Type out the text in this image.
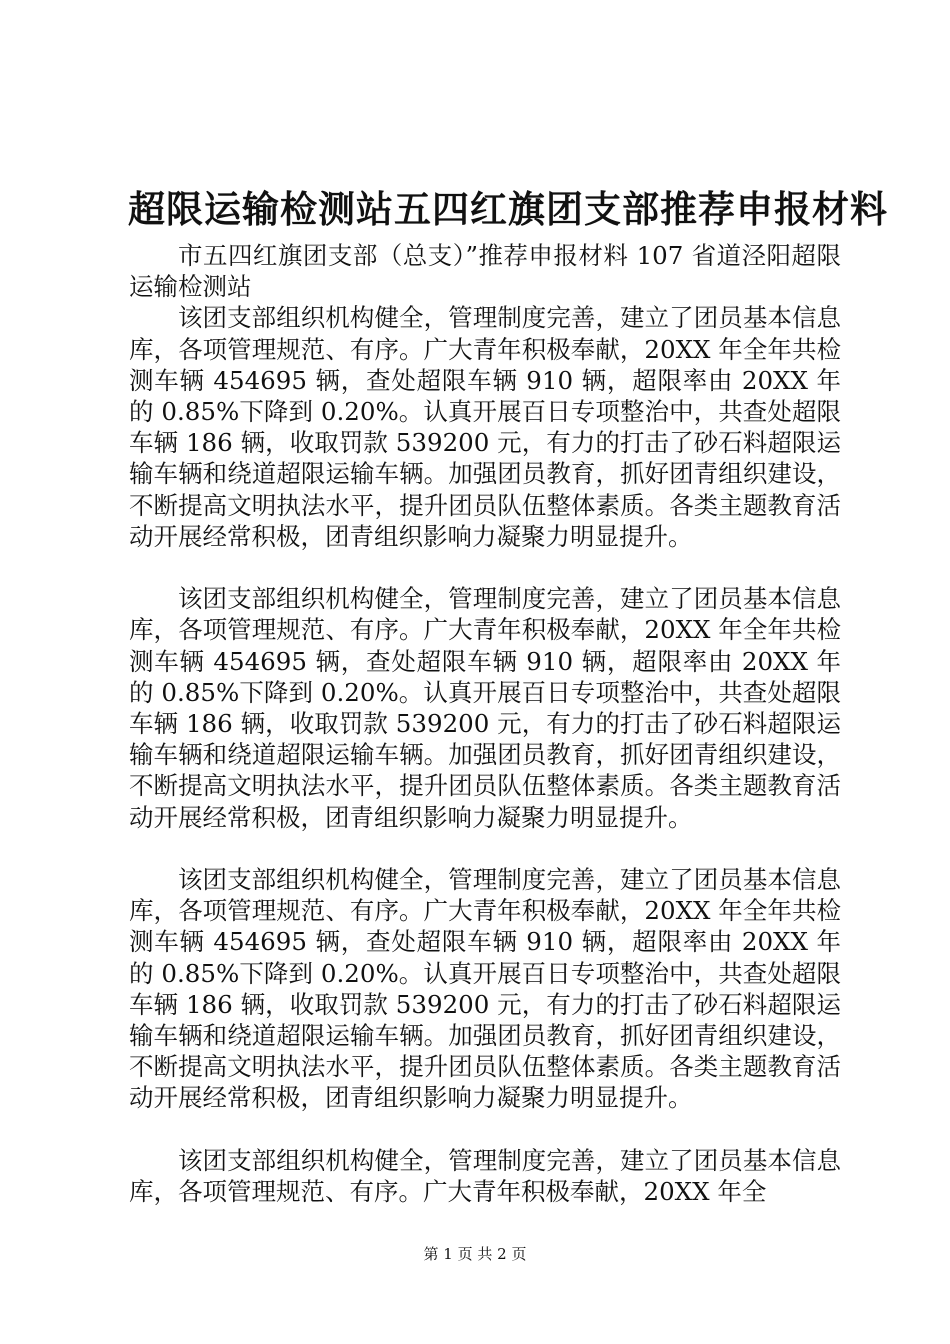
超限运输检测站五四红旗团支部推荐申报材料

市五四红旗团支部（总支）”推荐申报材料 107 省道泾阳超限运输检测站

该团支部组织机构健全，管理制度完善，建立了团员基本信息库，各项管理规范、有序。广大青年积极奉献，20XX 年全年共检测车辆 454695 辆，查处超限车辆 910 辆，超限率由 20XX 年的 0.85%下降到 0.20%。认真开展百日专项整治中，共查处超限车辆 186 辆，收取罚款 539200 元，有力的打击了砂石料超限运输车辆和绕道超限运输车辆。加强团员教育，抓好团青组织建设，不断提高文明执法水平，提升团员队伍整体素质。各类主题教育活动开展经常积极，团青组织影响力凝聚力明显提升。

该团支部组织机构健全，管理制度完善，建立了团员基本信息库，各项管理规范、有序。广大青年积极奉献，20XX 年全年共检测车辆 454695 辆，查处超限车辆 910 辆，超限率由 20XX 年的 0.85%下降到 0.20%。认真开展百日专项整治中，共查处超限车辆 186 辆，收取罚款 539200 元，有力的打击了砂石料超限运输车辆和绕道超限运输车辆。加强团员教育，抓好团青组织建设，不断提高文明执法水平，提升团员队伍整体素质。各类主题教育活动开展经常积极，团青组织影响力凝聚力明显提升。

该团支部组织机构健全，管理制度完善，建立了团员基本信息库，各项管理规范、有序。广大青年积极奉献，20XX 年全年共检测车辆 454695 辆，查处超限车辆 910 辆，超限率由 20XX 年的 0.85%下降到 0.20%。认真开展百日专项整治中，共查处超限车辆 186 辆，收取罚款 539200 元，有力的打击了砂石料超限运输车辆和绕道超限运输车辆。加强团员教育，抓好团青组织建设，不断提高文明执法水平，提升团员队伍整体素质。各类主题教育活动开展经常积极，团青组织影响力凝聚力明显提升。

该团支部组织机构健全，管理制度完善，建立了团员基本信息库，各项管理规范、有序。广大青年积极奉献，20XX 年全

第 1 页 共 2 页
